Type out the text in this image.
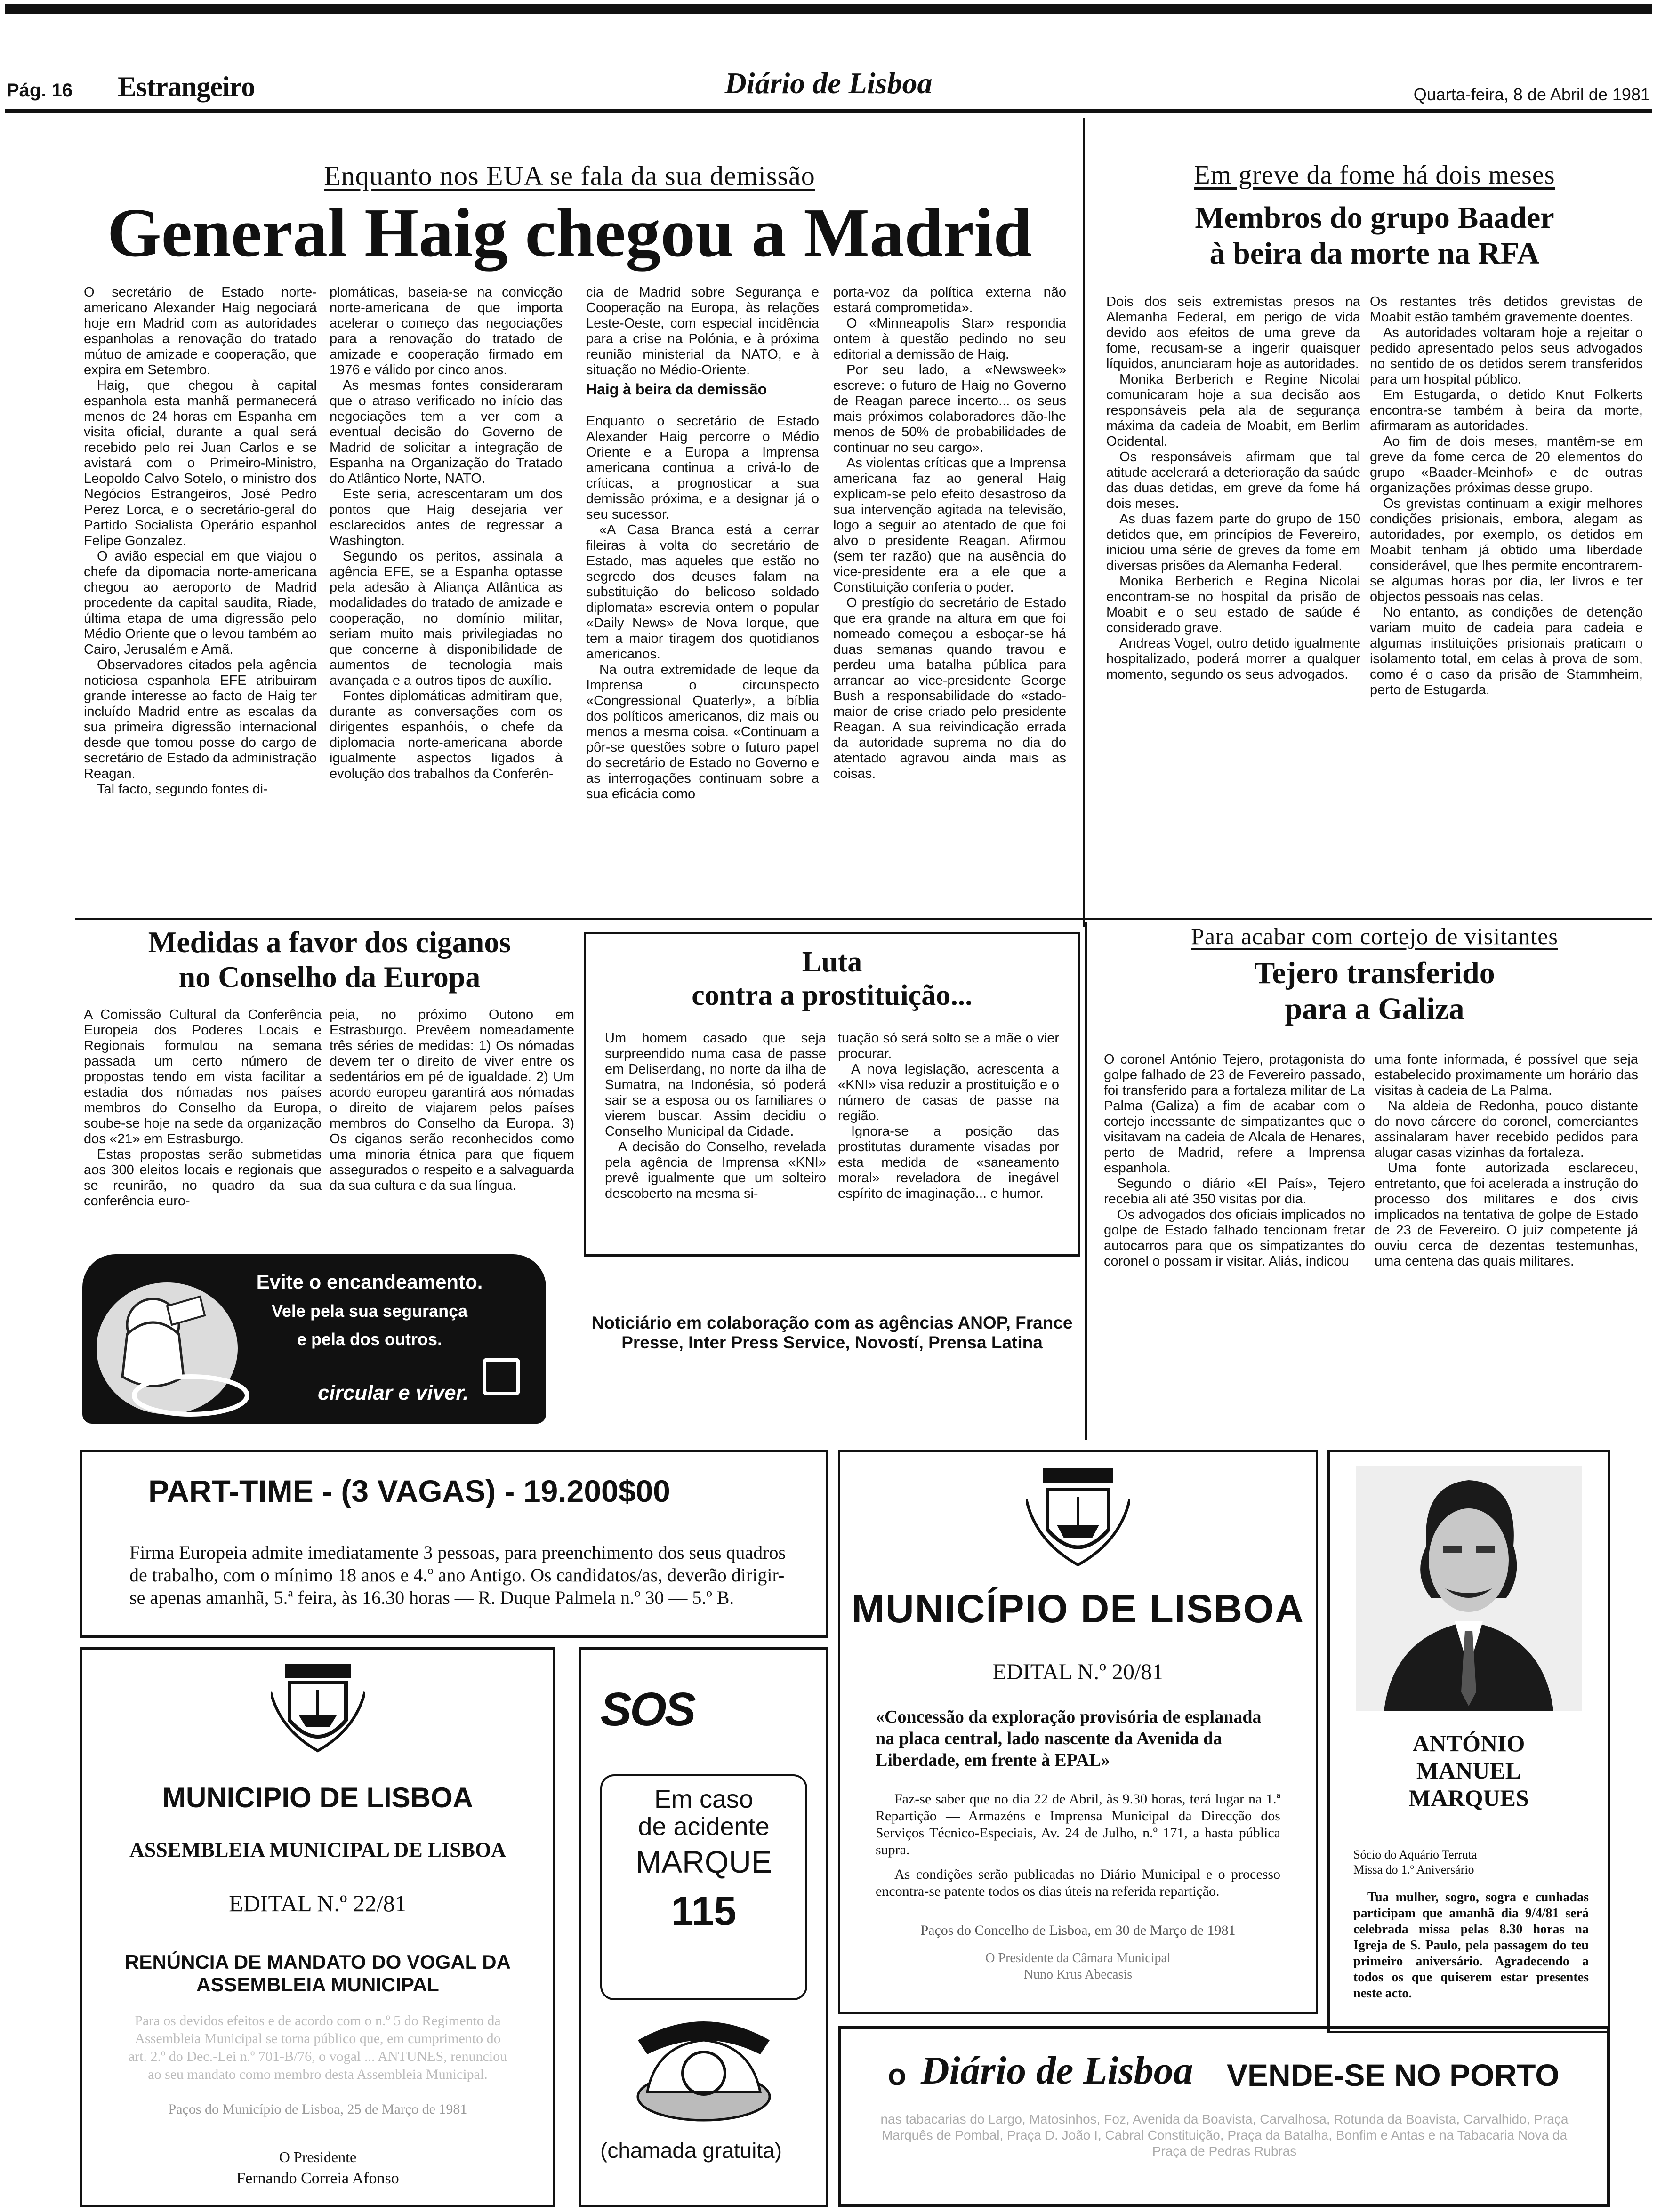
Pág. 16 Estrangeiro	Diário de Lisboa	Quarta-feira, 8 de Abril de 1981
Enquanto nos EUA se fala da sua demissão
General Haig chegou a Madrid

O secretário de Estado norte-americano Alexander Haig negociará hoje em Madrid com as autoridades espanholas a renovação do tratado mútuo de amizade e cooperação, que expira em Setembro.

Haig, que chegou à capital espanhola esta manhã permanecerá menos de 24 horas em Espanha em visita oficial, durante a qual será recebido pelo rei Juan Carlos e se avistará com o Primeiro-Ministro, Leopoldo Calvo Sotelo, o ministro dos Negócios Estrangeiros, José Pedro Perez Lorca, e o secretário-geral do Partido Socialista Operário espanhol Felipe Gonzalez.

O avião especial em que viajou o chefe da dipomacia norte-americana chegou ao aeroporto de Madrid procedente da capital saudita, Riade, última etapa de uma digressão pelo Médio Oriente que o levou também ao Cairo, Jerusalém e Amã.

Observadores citados pela agência noticiosa espanhola EFE atribuiram grande interesse ao facto de Haig ter incluído Madrid entre as escalas da sua primeira digressão internacional desde que tomou posse do cargo de secretário de Estado da administração Reagan.

Tal facto, segundo fontes di-

plomáticas, baseia-se na convicção norte-americana de que importa acelerar o começo das negociações para a renovação do tratado de amizade e cooperação firmado em 1976 e válido por cinco anos.

As mesmas fontes consideraram que o atraso verificado no início das negociações tem a ver com a eventual decisão do Governo de Madrid de solicitar a integração de Espanha na Organização do Tratado do Atlântico Norte, NATO.

Este seria, acrescentaram um dos pontos que Haig desejaria ver esclarecidos antes de regressar a Washington.

Segundo os peritos, assinala a agência EFE, se a Espanha optasse pela adesão à Aliança Atlântica as modalidades do tratado de amizade e cooperação, no domínio militar, seriam muito mais privilegiadas no que concerne à disponibilidade de aumentos de tecnologia mais avançada e a outros tipos de auxílio.

Fontes diplomáticas admitiram que, durante as conversações com os dirigentes espanhóis, o chefe da diplomacia norte-americana aborde igualmente aspectos ligados à evolução dos trabalhos da Conferên-

cia de Madrid sobre Segurança e Cooperação na Europa, às relações Leste-Oeste, com especial incidência para a crise na Polónia, e à próxima reunião ministerial da NATO, e à situação no Médio-Oriente.

Haig à beira da demissão

Enquanto o secretário de Estado Alexander Haig percorre o Médio Oriente e a Europa a Imprensa americana continua a crivá-lo de críticas, a prognosticar a sua demissão próxima, e a designar já o seu sucessor.

«A Casa Branca está a cerrar fileiras à volta do secretário de Estado, mas aqueles que estão no segredo dos deuses falam na substituição do belicoso soldado diplomata» escrevia ontem o popular «Daily News» de Nova Iorque, que tem a maior tiragem dos quotidianos americanos.

Na outra extremidade de leque da Imprensa o circunspecto «Congressional Quaterly», a bíblia dos políticos americanos, diz mais ou menos a mesma coisa. «Continuam a pôr-se questões sobre o futuro papel do secretário de Estado no Governo e as interrogações continuam sobre a sua eficácia como

porta-voz da política externa não estará comprometida».

O «Minneapolis Star» respondia ontem à questão pedindo no seu editorial a demissão de Haig.

Por seu lado, a «Newsweek» escreve: o futuro de Haig no Governo de Reagan parece incerto... os seus mais próximos colaboradores dão-lhe menos de 50% de probabilidades de continuar no seu cargo».

As violentas críticas que a Imprensa americana faz ao general Haig explicam-se pelo efeito desastroso da sua intervenção agitada na televisão, logo a seguir ao atentado de que foi alvo o presidente Reagan. Afirmou (sem ter razão) que na ausência do vice-presidente era a ele que a Constituição conferia o poder.

O prestígio do secretário de Estado que era grande na altura em que foi nomeado começou a esboçar-se há duas semanas quando travou e perdeu uma batalha pública para arrancar ao vice-presidente George Bush a responsabilidade do «stado-maior de crise criado pelo presidente Reagan. A sua reivindicação errada da autoridade suprema no dia do atentado agravou ainda mais as coisas.

Em greve da fome há dois meses
Membros do grupo Baader
à beira da morte na RFA

Dois dos seis extremistas presos na Alemanha Federal, em perigo de vida devido aos efeitos de uma greve da fome, recusam-se a ingerir quaisquer líquidos, anunciaram hoje as autoridades.

Monika Berberich e Regine Nicolai comunicaram hoje a sua decisão aos responsáveis pela ala de segurança máxima da cadeia de Moabit, em Berlim Ocidental.

Os responsáveis afirmam que tal atitude acelerará a deterioração da saúde das duas detidas, em greve da fome há dois meses.

As duas fazem parte do grupo de 150 detidos que, em princípios de Fevereiro, iniciou uma série de greves da fome em diversas prisões da Alemanha Federal.

Monika Berberich e Regina Nicolai encontram-se no hospital da prisão de Moabit e o seu estado de saúde é considerado grave.

Andreas Vogel, outro detido igualmente hospitalizado, poderá morrer a qualquer momento, segundo os seus advogados.

Os restantes três detidos grevistas de Moabit estão também gravemente doentes.

As autoridades voltaram hoje a rejeitar o pedido apresentado pelos seus advogados no sentido de os detidos serem transferidos para um hospital público.

Em Estugarda, o detido Knut Folkerts encontra-se também à beira da morte, afirmaram as autoridades.

Ao fim de dois meses, mantêm-se em greve da fome cerca de 20 elementos do grupo «Baader-Meinhof» e de outras organizações próximas desse grupo.

Os grevistas continuam a exigir melhores condições prisionais, embora, alegam as autoridades, por exemplo, os detidos em Moabit tenham já obtido uma liberdade considerável, que lhes permite encontrarem-se algumas horas por dia, ler livros e ter objectos pessoais nas celas.

No entanto, as condições de detenção variam muito de cadeia para cadeia e algumas instituições prisionais praticam o isolamento total, em celas à prova de som, como é o caso da prisão de Stammheim, perto de Estugarda.

Medidas a favor dos ciganos
no Conselho da Europa

A Comissão Cultural da Conferência Europeia dos Poderes Locais e Regionais formulou na semana passada um certo número de propostas tendo em vista facilitar a estadia dos nómadas nos países membros do Conselho da Europa, soube-se hoje na sede da organização dos «21» em Estrasburgo.

Estas propostas serão submetidas aos 300 eleitos locais e regionais que se reunirão, no quadro da sua conferência euro-

peia, no próximo Outono em Estrasburgo. Prevêem nomeadamente três séries de medidas: 1) Os nómadas devem ter o direito de viver entre os sedentários em pé de igualdade. 2) Um acordo europeu garantirá aos nómadas o direito de viajarem pelos países membros do Conselho da Europa. 3) Os ciganos serão reconhecidos como uma minoria étnica para que fiquem assegurados o respeito e a salvaguarda da sua cultura e da sua língua.

Luta
contra a prostituição...

Um homem casado que seja surpreendido numa casa de passe em Deliserdang, no norte da ilha de Sumatra, na Indonésia, só poderá sair se a esposa ou os familiares o vierem buscar. Assim decidiu o Conselho Municipal da Cidade.

A decisão do Conselho, revelada pela agência de Imprensa «KNI» prevê igualmente que um solteiro descoberto na mesma si-

tuação só será solto se a mãe o vier procurar.

A nova legislação, acrescenta a «KNI» visa reduzir a prostituição e o número de casas de passe na região.

Ignora-se a posição das prostitutas duramente visadas por esta medida de «saneamento moral» reveladora de inegável espírito de imaginação... e humor.

Para acabar com cortejo de visitantes
Tejero transferido
para a Galiza

O coronel António Tejero, protagonista do golpe falhado de 23 de Fevereiro passado, foi transferido para a fortaleza militar de La Palma (Galiza) a fim de acabar com o cortejo incessante de simpatizantes que o visitavam na cadeia de Alcala de Henares, perto de Madrid, refere a Imprensa espanhola.

Segundo o diário «El País», Tejero recebia ali até 350 visitas por dia.

Os advogados dos oficiais implicados no golpe de Estado falhado tencionam fretar autocarros para que os simpatizantes do coronel o possam ir visitar. Aliás, indicou

uma fonte informada, é possível que seja estabelecido proximamente um horário das visitas à cadeia de La Palma.

Na aldeia de Redonha, pouco distante do novo cárcere do coronel, comerciantes assinalaram haver recebido pedidos para alugar casas vizinhas da fortaleza.

Uma fonte autorizada esclareceu, entretanto, que foi acelerada a instrução do processo dos militares e dos civis implicados na tentativa de golpe de Estado de 23 de Fevereiro. O juiz competente já ouviu cerca de dezentas testemunhas, uma centena das quais militares.

Evite o encandeamento.
Vele pela sua segurança
e pela dos outros.
circular e viver.
Noticiário em colaboração com as agências ANOP, France Presse, Inter Press Service, Novostí, Prensa Latina
PART-TIME - (3 VAGAS) - 19.200$00
Firma Europeia admite imediatamente 3 pessoas, para preenchimento dos seus quadros de trabalho, com o mínimo 18 anos e 4.º ano Antigo. Os candidatos/as, deverão dirigir-se apenas amanhã, 5.ª feira, às 16.30 horas — R. Duque Palmela n.º 30 — 5.º B.
MUNICIPIO DE LISBOA
ASSEMBLEIA MUNICIPAL DE LISBOA
EDITAL N.º 22/81
RENÚNCIA DE MANDATO DO VOGAL DA ASSEMBLEIA MUNICIPAL
Para os devidos efeitos e de acordo com o n.º 5 do Regimento da Assembleia Municipal se torna público que, em cumprimento do art. 2.º do Dec.-Lei n.º 701-B/76, o vogal ... ANTUNES, renunciou ao seu mandato como membro desta Assembleia Municipal.
Paços do Município de Lisboa, 25 de Março de 1981
O Presidente
Fernando Correia Afonso
SOS
Em caso
de acidente
MARQUE
115
(chamada gratuita)
MUNICÍPIO DE LISBOA
EDITAL N.º 20/81
«Concessão da exploração provisória de esplanada na placa central, lado nascente da Avenida da Liberdade, em frente à EPAL»
Faz-se saber que no dia 22 de Abril, às 9.30 horas, terá lugar na 1.ª Repartição — Armazéns e Imprensa Municipal da Direcção dos Serviços Técnico-Especiais, Av. 24 de Julho, n.º 171, a hasta pública supra.
As condições serão publicadas no Diário Municipal e o processo encontra-se patente todos os dias úteis na referida repartição.
Paços do Concelho de Lisboa, em 30 de Março de 1981
O Presidente da Câmara Municipal
Nuno Krus Abecasis
ANTÓNIO
MANUEL
MARQUES
Sócio do Aquário Terruta
Missa do 1.º Aniversário
Tua mulher, sogro, sogra e cunhadas participam que amanhã dia 9/4/81 será celebrada missa pelas 8.30 horas na Igreja de S. Paulo, pela passagem do teu primeiro aniversário. Agradecendo a todos os que quiserem estar presentes neste acto.
o Diário de Lisboa VENDE-SE NO PORTO
nas tabacarias do Largo, Matosinhos, Foz, Avenida da Boavista, Carvalhosa, Rotunda da Boavista, Carvalhido, Praça Marquês de Pombal, Praça D. João I, Cabral Constituição, Praça da Batalha, Bonfim e Antas e na Tabacaria Nova da Praça de Pedras Rubras
